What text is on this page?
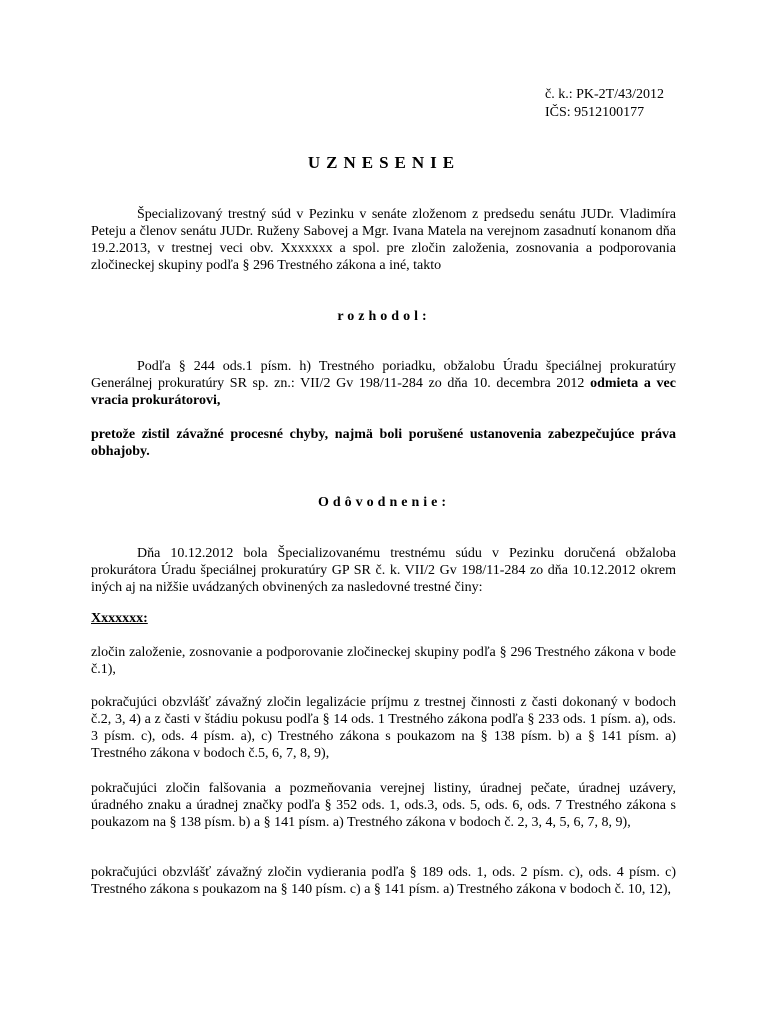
č. k.: PK-2T/43/2012
IČS: 9512100177
UZNESENIE
Špecializovaný trestný súd v Pezinku v senáte zloženom z predsedu senátu JUDr. Vladimíra Peteju a členov senátu JUDr. Ruženy Sabovej a Mgr. Ivana Matela na verejnom zasadnutí konanom dňa 19.2.2013, v trestnej veci obv. Xxxxxxx a spol. pre zločin založenia, zosnovania a podporovania zločineckej skupiny podľa § 296 Trestného zákona a iné, takto
rozhodol:
Podľa § 244 ods.1 písm. h) Trestného poriadku, obžalobu Úradu špeciálnej prokuratúry Generálnej prokuratúry SR sp. zn.: VII/2 Gv 198/11-284 zo dňa 10. decembra 2012 odmieta a vec vracia prokurátorovi,
pretože zistil závažné procesné chyby, najmä boli porušené ustanovenia zabezpečujúce práva obhajoby.
Odôvodnenie:
Dňa 10.12.2012 bola Špecializovanému trestnému súdu v Pezinku doručená obžaloba prokurátora Úradu špeciálnej prokuratúry GP SR č. k. VII/2 Gv 198/11-284 zo dňa 10.12.2012 okrem iných aj na nižšie uvádzaných obvinených za nasledovné trestné činy:
Xxxxxxx:
zločin založenie, zosnovanie a podporovanie zločineckej skupiny podľa § 296 Trestného zákona v bode č.1),
pokračujúci obzvlášť závažný zločin legalizácie príjmu z trestnej činnosti z časti dokonaný v bodoch č.2, 3, 4) a z časti v štádiu pokusu podľa § 14 ods. 1 Trestného zákona podľa § 233 ods. 1 písm. a), ods. 3 písm. c), ods. 4 písm. a), c) Trestného zákona s poukazom na § 138 písm. b) a § 141 písm. a) Trestného zákona v bodoch č.5, 6, 7, 8, 9),
pokračujúci zločin falšovania a pozmeňovania verejnej listiny, úradnej pečate, úradnej uzávery, úradného znaku a úradnej značky podľa § 352 ods. 1, ods.3, ods. 5, ods. 6, ods. 7 Trestného zákona s poukazom na § 138 písm. b) a § 141 písm. a) Trestného zákona v bodoch č. 2, 3, 4, 5, 6, 7, 8, 9),
pokračujúci obzvlášť závažný zločin vydierania podľa § 189 ods. 1, ods. 2 písm. c), ods. 4 písm. c) Trestného zákona s poukazom na § 140 písm. c) a § 141 písm. a) Trestného zákona v bodoch č. 10, 12),
